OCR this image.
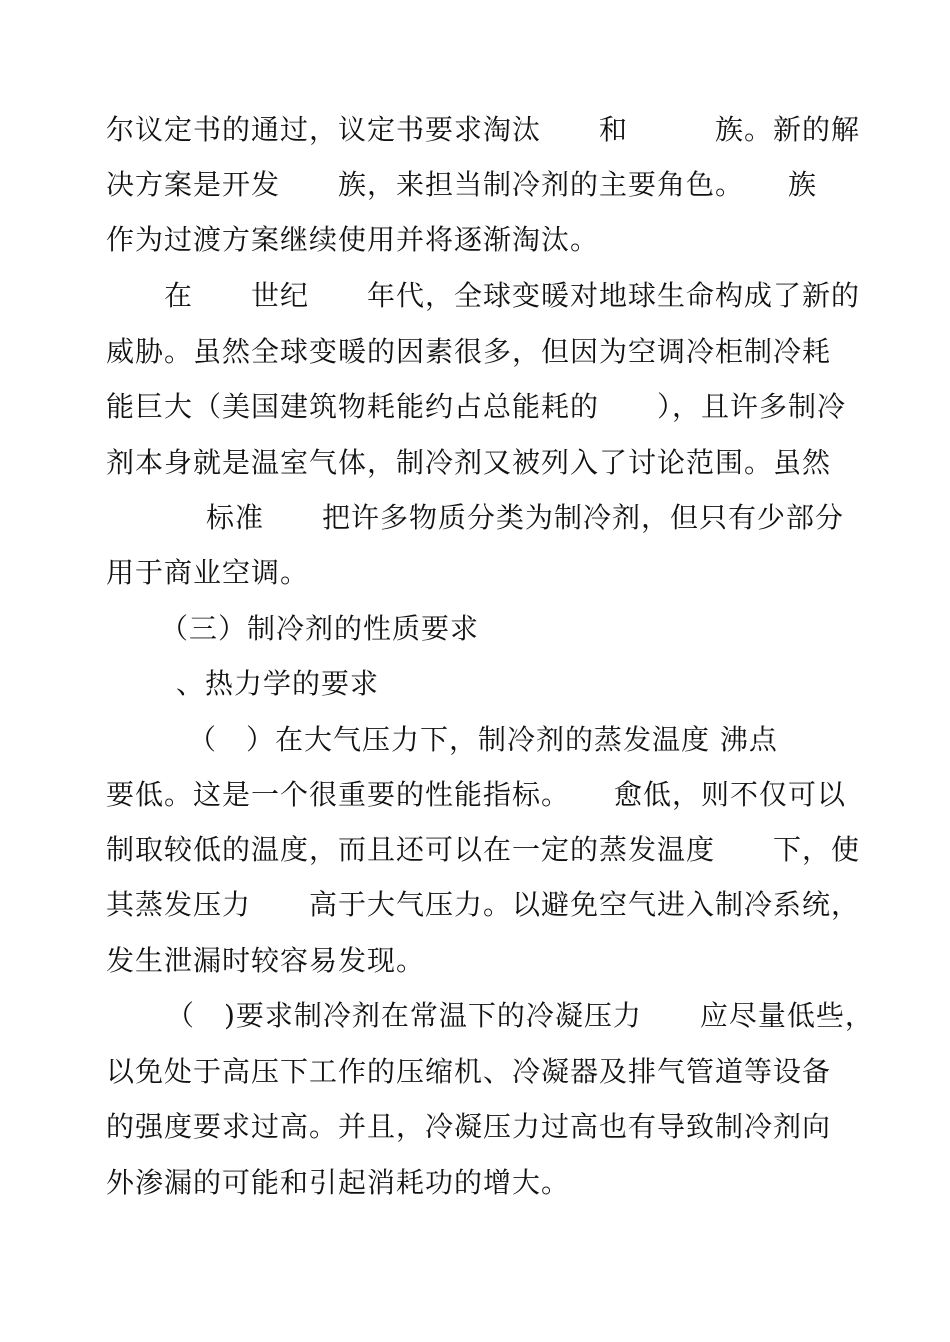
尔议定书的通过，议定书要求淘汰　　和　　　族。新的解
决方案是开发　　族，来担当制冷剂的主要角色。　　族
作为过渡方案继续使用并将逐渐淘汰。
在　　世纪　　年代，全球变暖对地球生命构成了新的
威胁。虽然全球变暖的因素很多，但因为空调冷柜制冷耗
能巨大（美国建筑物耗能约占总能耗的　　），且许多制冷
剂本身就是温室气体，制冷剂又被列入了讨论范围。虽然
标准　　把许多物质分类为制冷剂，但只有少部分
用于商业空调。
（三）制冷剂的性质要求
、热力学的要求
（　）在大气压力下，制冷剂的蒸发温度 沸点
要低。这是一个很重要的性能指标。　　愈低，则不仅可以
制取较低的温度，而且还可以在一定的蒸发温度　　下，使
其蒸发压力　　高于大气压力。以避免空气进入制冷系统，
发生泄漏时较容易发现。
（　)要求制冷剂在常温下的冷凝压力　　应尽量低些，
以免处于高压下工作的压缩机、冷凝器及排气管道等设备
的强度要求过高。并且，冷凝压力过高也有导致制冷剂向
外渗漏的可能和引起消耗功的增大。
